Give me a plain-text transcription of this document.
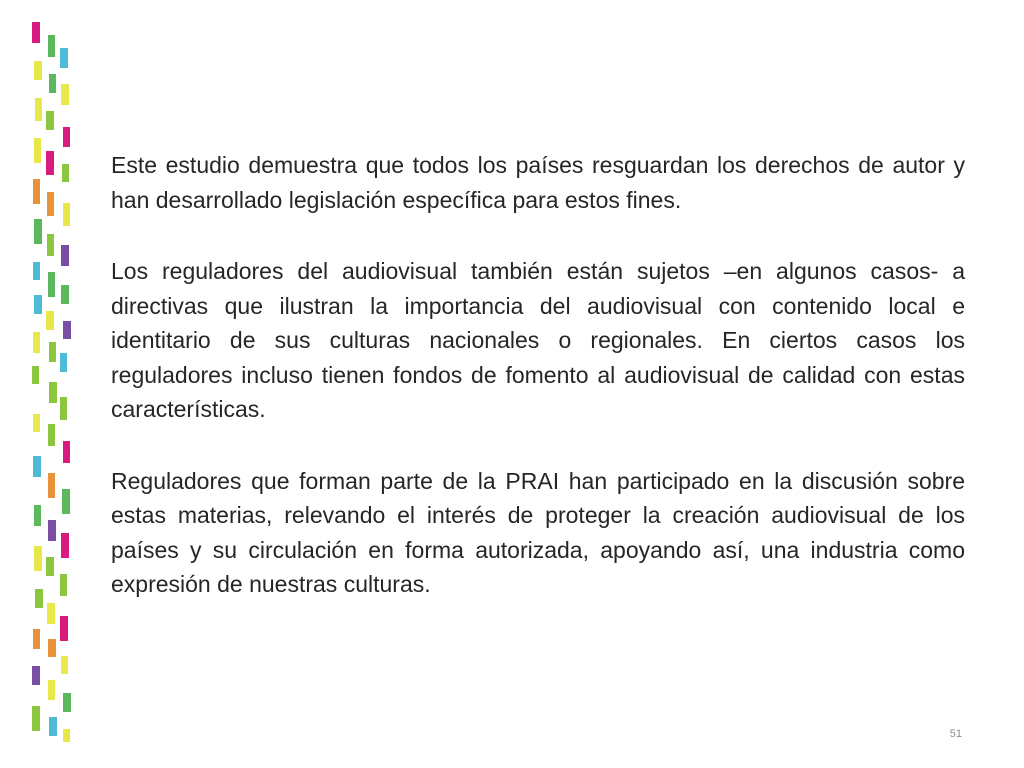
Este estudio demuestra que todos los países resguardan los derechos de autor y han desarrollado legislación específica para estos fines.

Los reguladores del audiovisual también están sujetos –en algunos casos- a directivas que ilustran la importancia del audiovisual con contenido local e identitario de sus culturas nacionales o regionales. En ciertos casos los reguladores incluso tienen fondos de fomento al audiovisual de calidad con estas características.

Reguladores que forman parte de la PRAI han participado en la discusión sobre estas materias, relevando el interés de proteger la creación audiovisual de los países y su circulación en forma autorizada, apoyando así, una industria como expresión de nuestras culturas.

51
